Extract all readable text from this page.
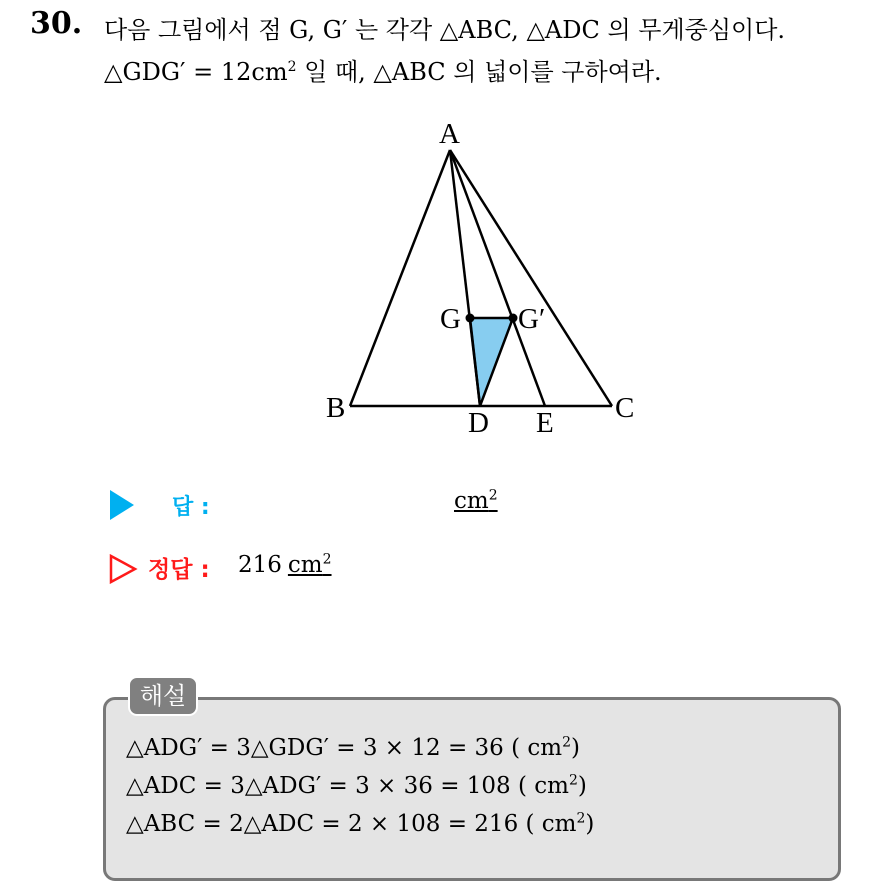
30. 다음 그림에서 점 G, G′ 는 각각 △ABC, △ADC 의 무게중심이다.
△GDG′ = $12cm^2$ 일 때, △ABC 의 넓이를 구하여라.
A
B	C
D E
G G′
답 :	$cm^2$
정답 : 216 $cm^2$
해설
△ADG′ = 3△GDG′ = 3 × 12 = 36 ( $cm^2$)
△ADC = 3△ADG′ = 3 × 36 = 108 ( $cm^2$)
△ABC = 2△ADC = 2 × 108 = 216 ( $cm^2$)
